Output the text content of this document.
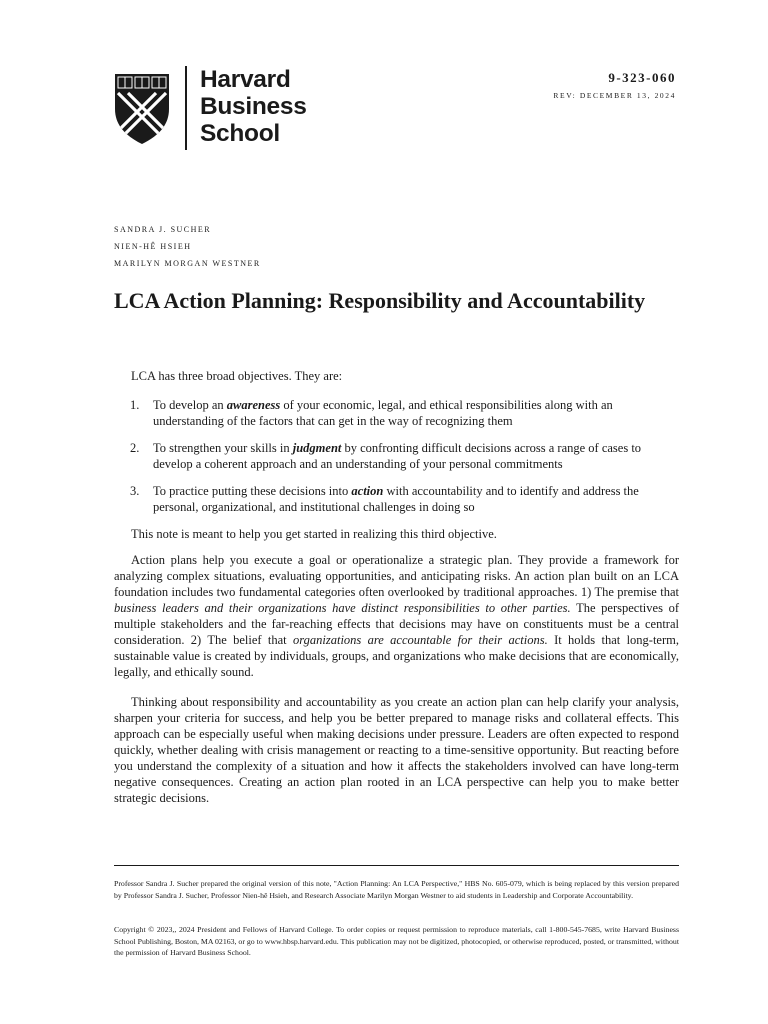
Harvard
Business
School
9-323-060
REV: DECEMBER 13, 2024
SANDRA J. SUCHER
NIEN-HÊ HSIEH
MARILYN MORGAN WESTNER
LCA Action Planning: Responsibility and Accountability

LCA has three broad objectives. They are:

1.	To develop an awareness of your economic, legal, and ethical responsibilities along with an understanding of the factors that can get in the way of recognizing them
2.	To strengthen your skills in judgment by confronting difficult decisions across a range of cases to develop a coherent approach and an understanding of your personal commitments
3.	To practice putting these decisions into action with accountability and to identify and address the personal, organizational, and institutional challenges in doing so

This note is meant to help you get started in realizing this third objective.

Action plans help you execute a goal or operationalize a strategic plan. They provide a framework for analyzing complex situations, evaluating opportunities, and anticipating risks. An action plan built on an LCA foundation includes two fundamental categories often overlooked by traditional approaches. 1) The premise that business leaders and their organizations have distinct responsibilities to other parties. The perspectives of multiple stakeholders and the far-reaching effects that decisions may have on constituents must be a central consideration. 2) The belief that organizations are accountable for their actions. It holds that long-term, sustainable value is created by individuals, groups, and organizations who make decisions that are economically, legally, and ethically sound.

Thinking about responsibility and accountability as you create an action plan can help clarify your analysis, sharpen your criteria for success, and help you be better prepared to manage risks and collateral effects. This approach can be especially useful when making decisions under pressure. Leaders are often expected to respond quickly, whether dealing with crisis management or reacting to a time-sensitive opportunity. But reacting before you understand the complexity of a situation and how it affects the stakeholders involved can have long-term negative consequences. Creating an action plan rooted in an LCA perspective can help you to make better strategic decisions.

Professor Sandra J. Sucher prepared the original version of this note, "Action Planning: An LCA Perspective," HBS No. 605-079, which is being replaced by this version prepared by Professor Sandra J. Sucher, Professor Nien-hê Hsieh, and Research Associate Marilyn Morgan Westner to aid students in Leadership and Corporate Accountability.
Copyright © 2023,, 2024 President and Fellows of Harvard College. To order copies or request permission to reproduce materials, call 1-800-545-7685, write Harvard Business School Publishing, Boston, MA 02163, or go to www.hbsp.harvard.edu. This publication may not be digitized, photocopied, or otherwise reproduced, posted, or transmitted, without the permission of Harvard Business School.
